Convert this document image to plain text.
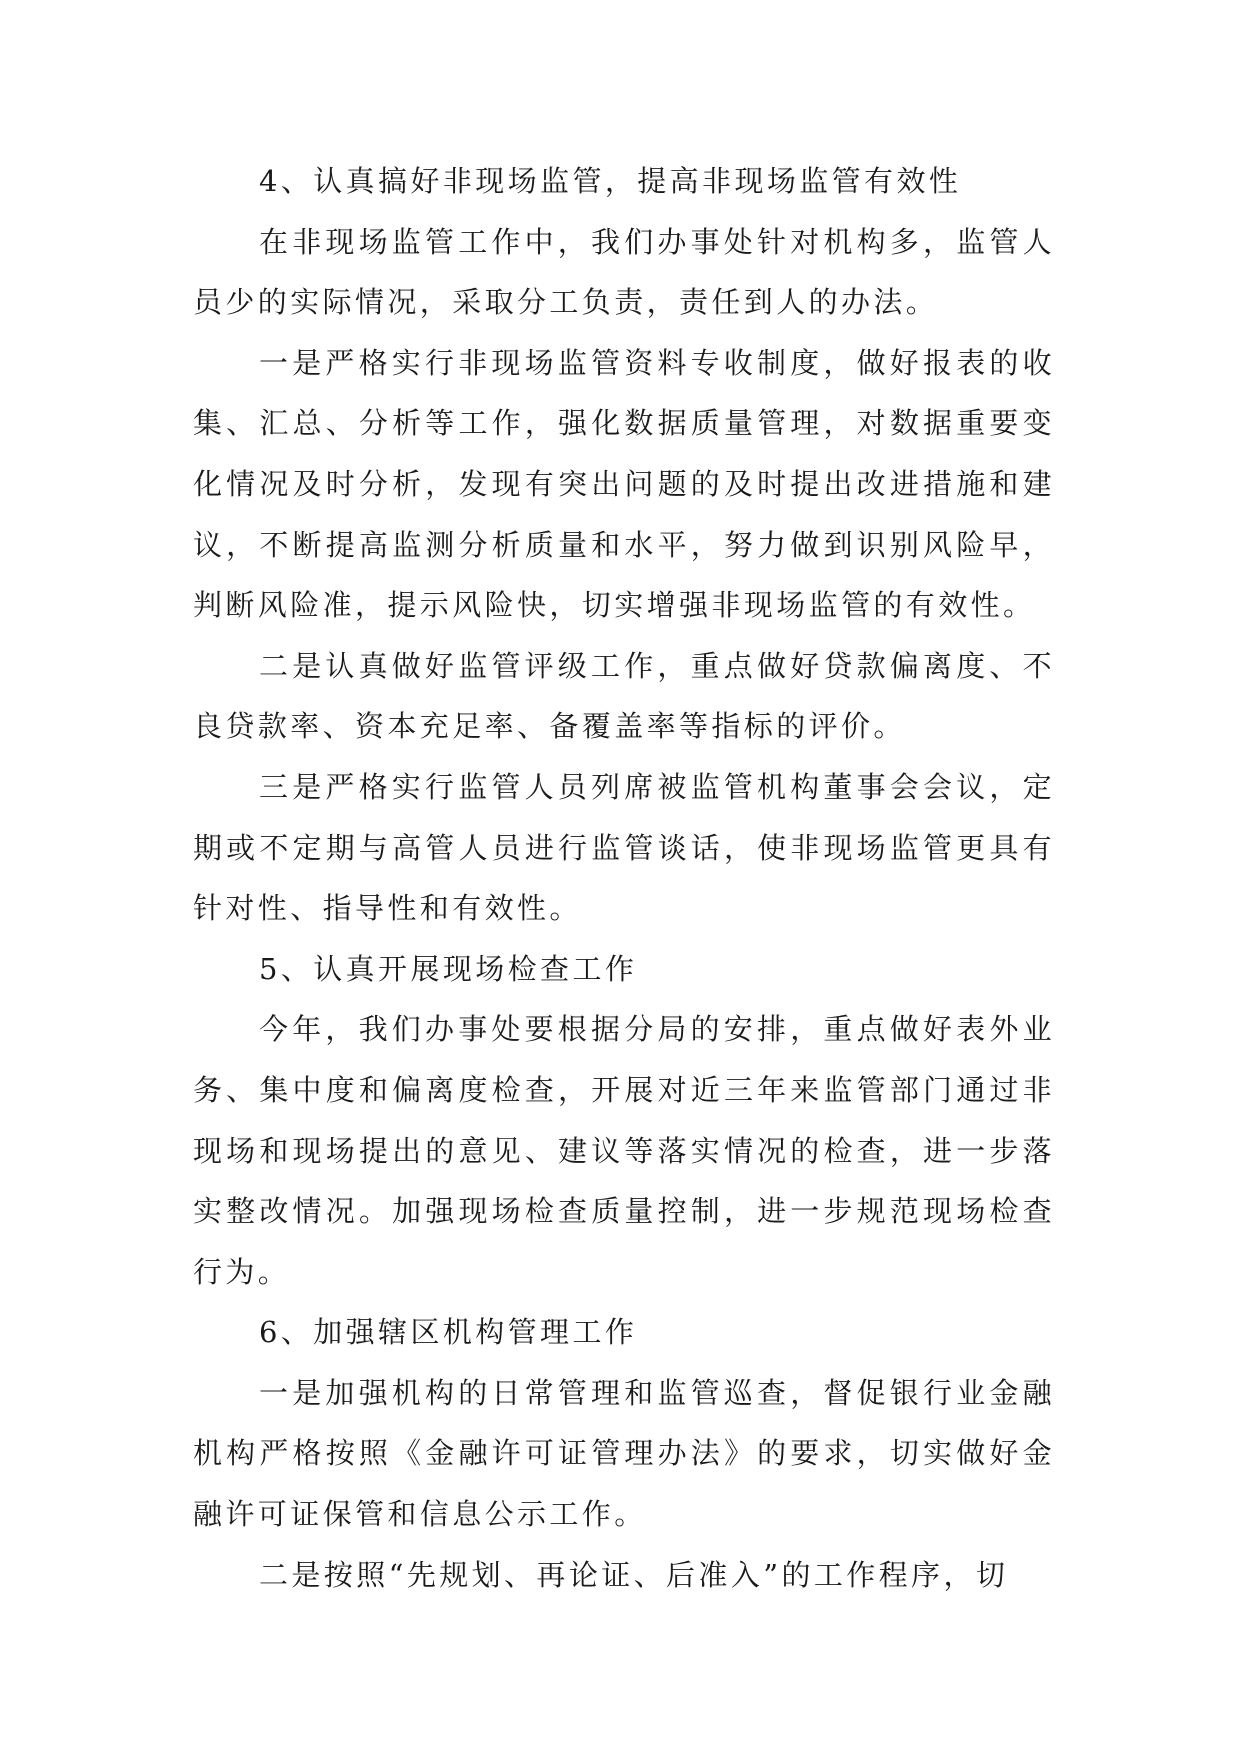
4、认真搞好非现场监管，提高非现场监管有效性

在非现场监管工作中，我们办事处针对机构多，监管人员少的实际情况，采取分工负责，责任到人的办法。

一是严格实行非现场监管资料专收制度，做好报表的收集、汇总、分析等工作，强化数据质量管理，对数据重要变化情况及时分析，发现有突出问题的及时提出改进措施和建议，不断提高监测分析质量和水平，努力做到识别风险早，判断风险准，提示风险快，切实增强非现场监管的有效性。

二是认真做好监管评级工作，重点做好贷款偏离度、不良贷款率、资本充足率、备覆盖率等指标的评价。

三是严格实行监管人员列席被监管机构董事会会议，定期或不定期与高管人员进行监管谈话，使非现场监管更具有针对性、指导性和有效性。

5、认真开展现场检查工作

今年，我们办事处要根据分局的安排，重点做好表外业务、集中度和偏离度检查，开展对近三年来监管部门通过非现场和现场提出的意见、建议等落实情况的检查，进一步落实整改情况。加强现场检查质量控制，进一步规范现场检查行为。

6、加强辖区机构管理工作

一是加强机构的日常管理和监管巡查，督促银行业金融机构严格按照《金融许可证管理办法》的要求，切实做好金融许可证保管和信息公示工作。

二是按照“先规划、再论证、后准入”的工作程序，切
